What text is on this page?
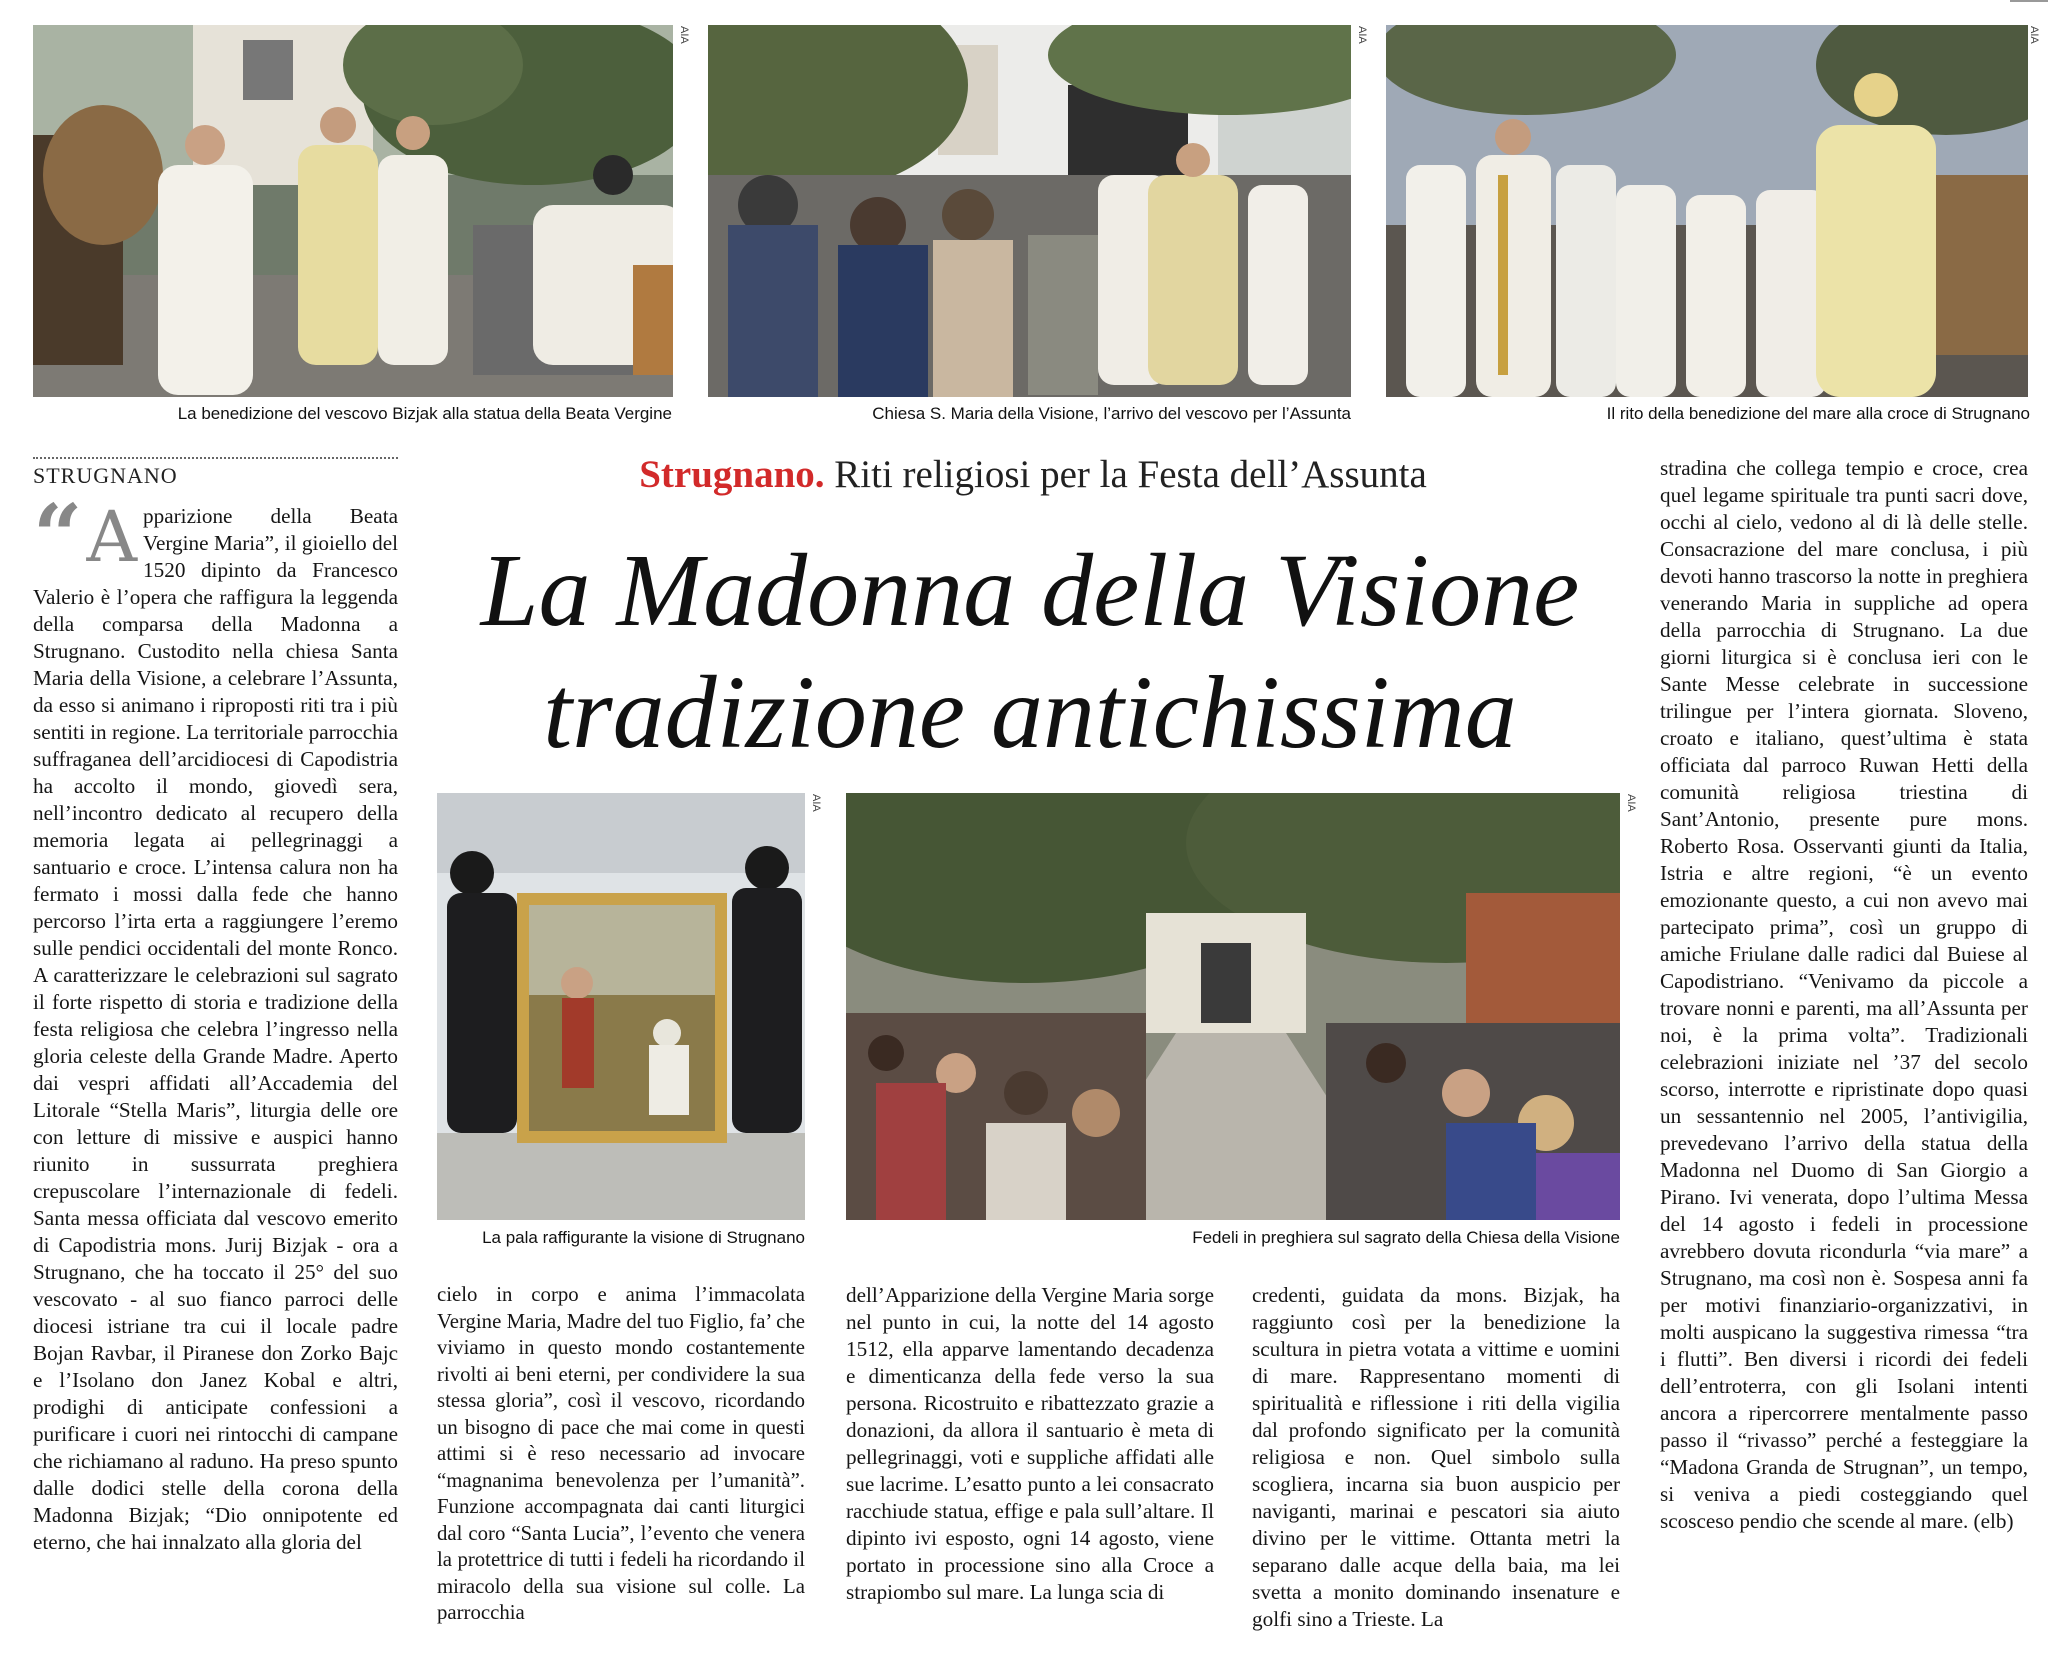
AIA
La benedizione del vescovo Bizjak alla statua della Beata Vergine
AIA
Chiesa S. Maria della Visione, l’arrivo del vescovo per l’Assunta
AIA
Il rito della benedizione del mare alla croce di Strugnano
STRUGNANO	Strugnano. Riti religiosi per la Festa dell’Assunta
La Madonna della Visione
tradizione antichissima
AIA
La pala raffigurante la visione di Strugnano
AIA
Fedeli in preghiera sul sagrato della Chiesa della Visione

“ A pparizione della Beata Vergine Maria”, il gioiello del 1520 dipinto da Francesco Valerio è l’opera che raffigura la leggenda della comparsa della Madonna a Strugnano. Custodito nella chiesa Santa Maria della Visione, a celebrare l’Assunta, da esso si animano i riproposti riti tra i più sentiti in regione. La territoriale parrocchia suffraganea dell’arcidiocesi di Capodistria ha accolto il mondo, giovedì sera, nell’incontro dedicato al recupero della memoria legata ai pellegrinaggi a santuario e croce. L’intensa calura non ha fermato i mossi dalla fede che hanno percorso l’irta erta a raggiungere l’eremo sulle pendici occidentali del monte Ronco. A caratterizzare le celebrazioni sul sagrato il forte rispetto di storia e tradizione della festa religiosa che celebra l’ingresso nella gloria celeste della Grande Madre. Aperto dai vespri affidati all’Accademia del Litorale “Stella Maris”, liturgia delle ore con letture di missive e auspici hanno riunito in sussurrata preghiera crepuscolare l’internazionale di fedeli. Santa messa officiata dal vescovo emerito di Capodistria mons. Jurij Bizjak - ora a Strugnano, che ha toccato il 25° del suo vescovato - al suo fianco parroci delle diocesi istriane tra cui il locale padre Bojan Ravbar, il Piranese don Zorko Bajc e l’Isolano don Janez Kobal e altri, prodighi di anticipate confessioni a purificare i cuori nei rintocchi di campane che richiamano al raduno. Ha preso spunto dalle dodici stelle della corona della Madonna Bizjak; “Dio onnipotente ed eterno, che hai innalzato alla gloria del

cielo in corpo e anima l’immacolata Vergine Maria, Madre del tuo Figlio, fa’ che viviamo in questo mondo costantemente rivolti ai beni eterni, per condividere la sua stessa gloria”, così il vescovo, ricordando un bisogno di pace che mai come in questi attimi si è reso necessario ad invocare “magnanima benevolenza per l’umanità”. Funzione accompagnata dai canti liturgici dal coro “Santa Lucia”, l’evento che venera la protettrice di tutti i fedeli ha ricordando il miracolo della sua visione sul colle. La parrocchia

dell’Apparizione della Vergine Maria sorge nel punto in cui, la notte del 14 agosto 1512, ella apparve lamentando decadenza e dimenticanza della fede verso la sua persona. Ricostruito e ribattezzato grazie a donazioni, da allora il santuario è meta di pellegrinaggi, voti e suppliche affidati alle sue lacrime. L’esatto punto a lei consacrato racchiude statua, effige e pala sull’altare. Il dipinto ivi esposto, ogni 14 agosto, viene portato in processione sino alla Croce a strapiombo sul mare. La lunga scia di

credenti, guidata da mons. Bizjak, ha raggiunto così per la benedizione la scultura in pietra votata a vittime e uomini di mare. Rappresentano momenti di spiritualità e riflessione i riti della vigilia dal profondo significato per la comunità religiosa e non. Quel simbolo sulla scogliera, incarna sia buon auspicio per naviganti, marinai e pescatori sia aiuto divino per le vittime. Ottanta metri la separano dalle acque della baia, ma lei svetta a monito dominando insenature e golfi sino a Trieste. La

stradina che collega tempio e croce, crea quel legame spirituale tra punti sacri dove, occhi al cielo, vedono al di là delle stelle. Consacrazione del mare conclusa, i più devoti hanno trascorso la notte in preghiera venerando Maria in suppliche ad opera della parrocchia di Strugnano. La due giorni liturgica si è conclusa ieri con le Sante Messe celebrate in successione trilingue per l’intera giornata. Sloveno, croato e italiano, quest’ultima è stata officiata dal parroco Ruwan Hetti della comunità religiosa triestina di Sant’Antonio, presente pure mons. Roberto Rosa. Osservanti giunti da Italia, Istria e altre regioni, “è un evento emozionante questo, a cui non avevo mai partecipato prima”, così un gruppo di amiche Friulane dalle radici dal Buiese al Capodistriano. “Venivamo da piccole a trovare nonni e parenti, ma all’Assunta per noi, è la prima volta”. Tradizionali celebrazioni iniziate nel ’37 del secolo scorso, interrotte e ripristinate dopo quasi un sessantennio nel 2005, l’antivigilia, prevedevano l’arrivo della statua della Madonna nel Duomo di San Giorgio a Pirano. Ivi venerata, dopo l’ultima Messa del 14 agosto i fedeli in processione avrebbero dovuta ricondurla “via mare” a Strugnano, ma così non è. Sospesa anni fa per motivi finanziario-organizzativi, in molti auspicano la suggestiva rimessa “tra i flutti”. Ben diversi i ricordi dei fedeli dell’entroterra, con gli Isolani intenti ancora a ripercorrere mentalmente passo passo il “rivasso” perché a festeggiare la “Madona Granda de Strugnan”, un tempo, si veniva a piedi costeggiando quel scosceso pendio che scende al mare. (elb)
